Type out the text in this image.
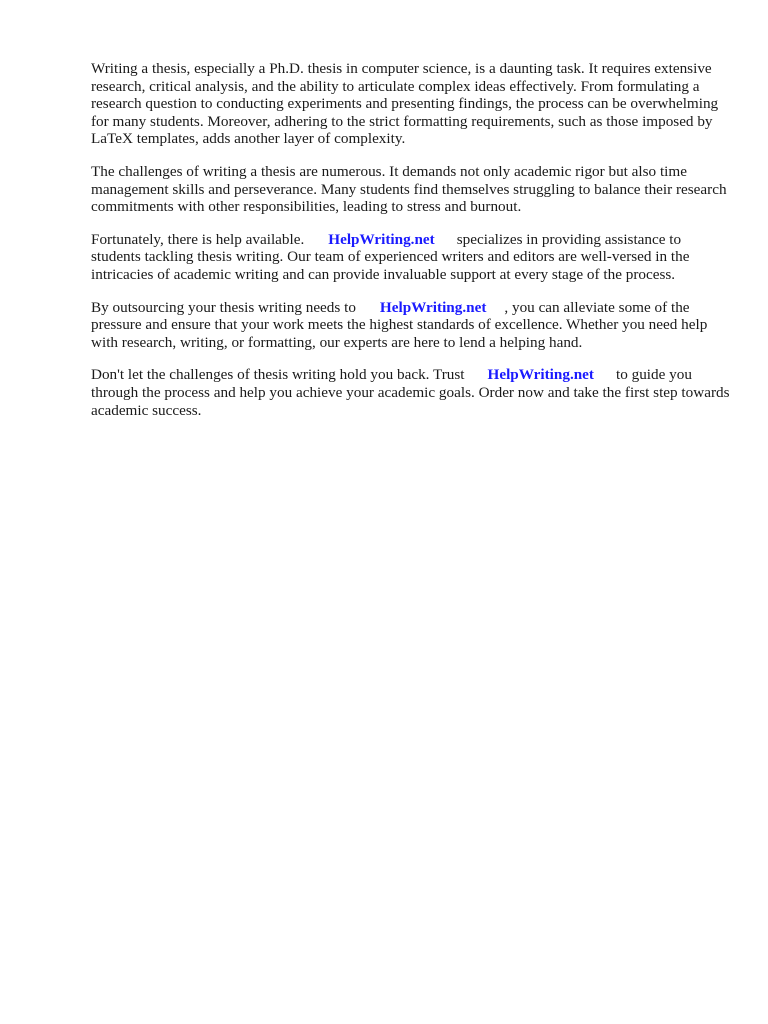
Writing a thesis, especially a Ph.D. thesis in computer science, is a daunting task. It requires extensive research, critical analysis, and the ability to articulate complex ideas effectively. From formulating a research question to conducting experiments and presenting findings, the process can be overwhelming for many students. Moreover, adhering to the strict formatting requirements, such as those imposed by LaTeX templates, adds another layer of complexity.

The challenges of writing a thesis are numerous. It demands not only academic rigor but also time management skills and perseverance. Many students find themselves struggling to balance their research commitments with other responsibilities, leading to stress and burnout.

Fortunately, there is help available. HelpWriting.net specializes in providing assistance to students tackling thesis writing. Our team of experienced writers and editors are well-versed in the intricacies of academic writing and can provide invaluable support at every stage of the process.

By outsourcing your thesis writing needs to HelpWriting.net , you can alleviate some of the pressure and ensure that your work meets the highest standards of excellence. Whether you need help with research, writing, or formatting, our experts are here to lend a helping hand.

Don't let the challenges of thesis writing hold you back. Trust HelpWriting.net to guide you through the process and help you achieve your academic goals. Order now and take the first step towards academic success.
